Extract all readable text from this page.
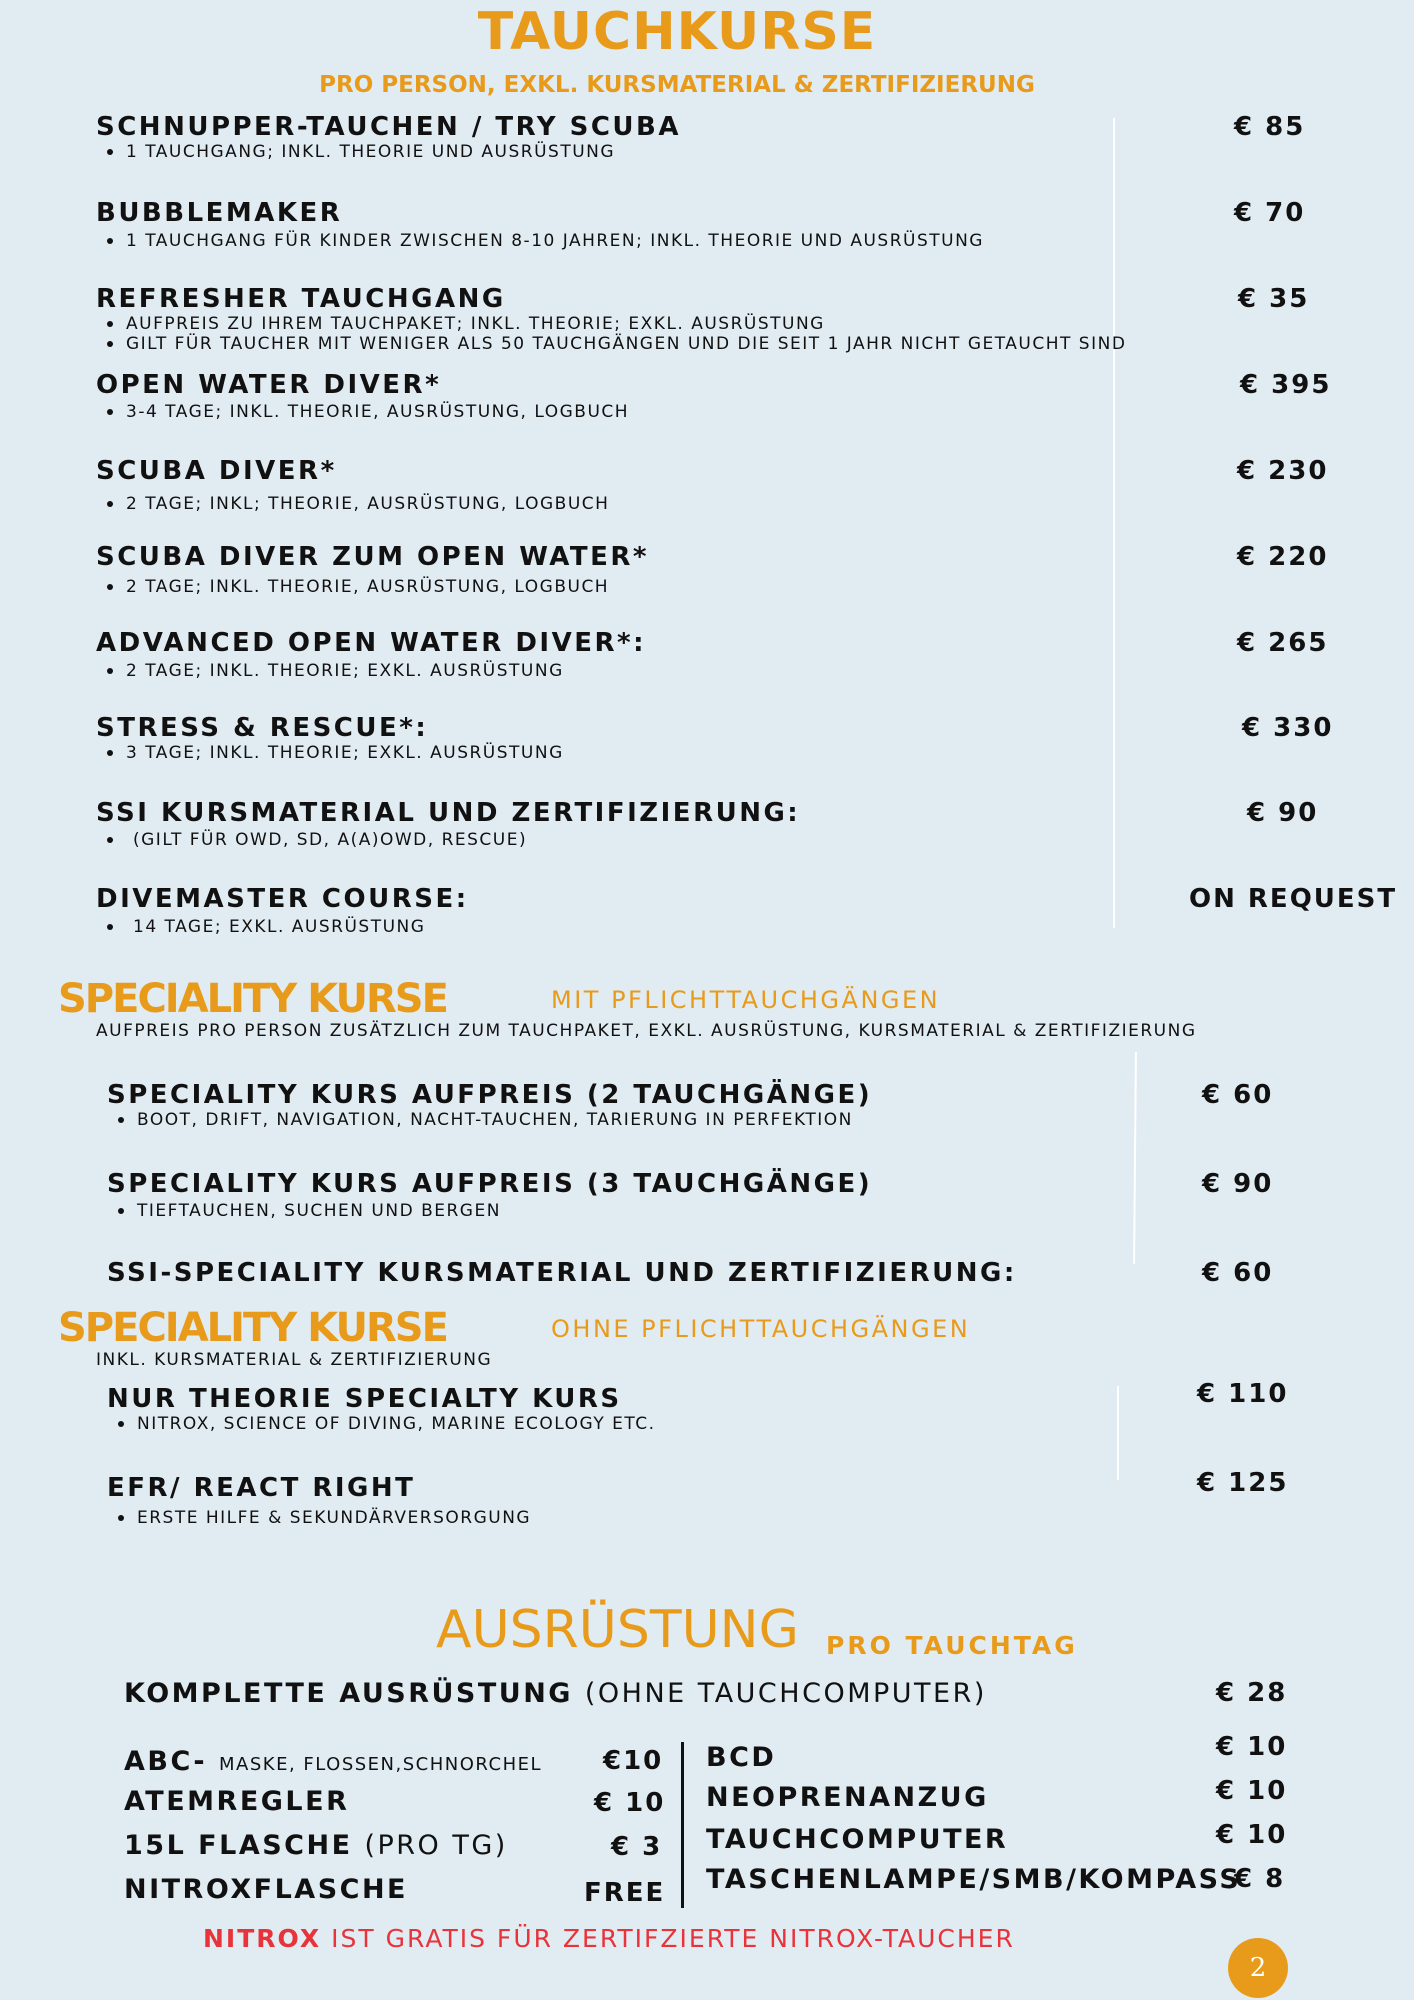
TAUCHKURSE
PRO PERSON, EXKL. KURSMATERIAL & ZERTIFIZIERUNG
SCHNUPPER-TAUCHEN / TRY SCUBA
1 TAUCHGANG; INKL. THEORIE UND AUSRÜSTUNG
€ 85
BUBBLEMAKER
1 TAUCHGANG FÜR KINDER ZWISCHEN 8-10 JAHREN; INKL. THEORIE UND AUSRÜSTUNG
€ 70
REFRESHER TAUCHGANG
AUFPREIS ZU IHREM TAUCHPAKET; INKL. THEORIE; EXKL. AUSRÜSTUNG
GILT FÜR TAUCHER MIT WENIGER ALS 50 TAUCHGÄNGEN UND DIE SEIT 1 JAHR NICHT GETAUCHT SIND
€ 35
OPEN WATER DIVER*
3-4 TAGE; INKL. THEORIE, AUSRÜSTUNG, LOGBUCH
€ 395
SCUBA DIVER*
2 TAGE; INKL; THEORIE, AUSRÜSTUNG, LOGBUCH
€ 230
SCUBA DIVER ZUM OPEN WATER*
2 TAGE; INKL. THEORIE, AUSRÜSTUNG, LOGBUCH
€ 220
ADVANCED OPEN WATER DIVER*:
2 TAGE; INKL. THEORIE; EXKL. AUSRÜSTUNG
€ 265
STRESS & RESCUE*:
3 TAGE; INKL. THEORIE; EXKL. AUSRÜSTUNG
€ 330
SSI KURSMATERIAL UND ZERTIFIZIERUNG:
(GILT FÜR OWD, SD, A(A)OWD, RESCUE)
€ 90
DIVEMASTER COURSE:
14 TAGE; EXKL. AUSRÜSTUNG
ON REQUEST
SPECIALITY KURSE	MIT PFLICHTTAUCHGÄNGEN
AUFPREIS PRO PERSON ZUSÄTZLICH ZUM TAUCHPAKET, EXKL. AUSRÜSTUNG, KURSMATERIAL & ZERTIFIZIERUNG
SPECIALITY KURS AUFPREIS (2 TAUCHGÄNGE)
BOOT, DRIFT, NAVIGATION, NACHT-TAUCHEN, TARIERUNG IN PERFEKTION
€ 60
SPECIALITY KURS AUFPREIS (3 TAUCHGÄNGE)
TIEFTAUCHEN, SUCHEN UND BERGEN
€ 90
SSI-SPECIALITY KURSMATERIAL UND ZERTIFIZIERUNG:	€ 60
SPECIALITY KURSE	OHNE PFLICHTTAUCHGÄNGEN
INKL. KURSMATERIAL & ZERTIFIZIERUNG
NUR THEORIE SPECIALTY KURS
NITROX, SCIENCE OF DIVING, MARINE ECOLOGY ETC.
€ 110
EFR/ REACT RIGHT
ERSTE HILFE & SEKUNDÄRVERSORGUNG
€ 125
AUSRÜSTUNG PRO TAUCHTAG
KOMPLETTE AUSRÜSTUNG (OHNE TAUCHCOMPUTER)	€ 28
ABC- MASKE, FLOSSEN,SCHNORCHEL €10
ATEMREGLER	€ 10
15L FLASCHE (PRO TG)	€ 3
NITROXFLASCHE	FREE
BCD	€ 10
NEOPRENANZUG	€ 10
TAUCHCOMPUTER	€ 10
TASCHENLAMPE/SMB/KOMPASS
€ 8
NITROX IST GRATIS FÜR ZERTIFZIERTE NITROX-TAUCHER
2
